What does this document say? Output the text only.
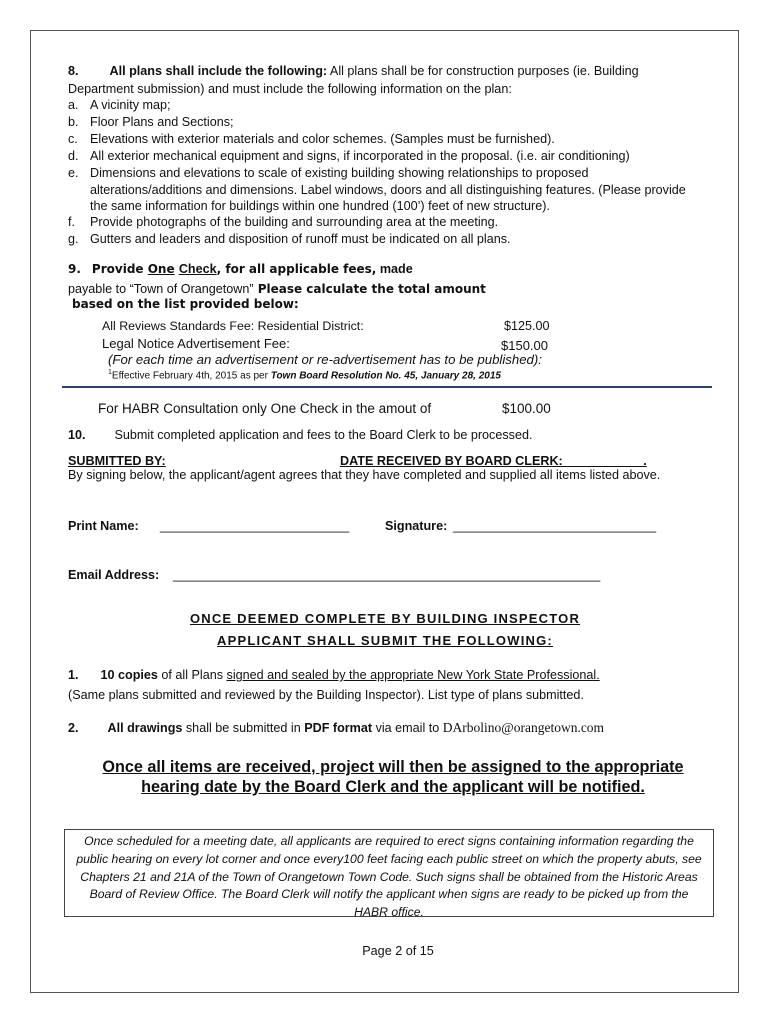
8. All plans shall include the following: All plans shall be for construction purposes (ie. Building
Department submission) and must include the following information on the plan:
a. A vicinity map;
b. Floor Plans and Sections;
c. Elevations with exterior materials and color schemes. (Samples must be furnished).
d. All exterior mechanical equipment and signs, if incorporated in the proposal. (i.e. air conditioning)
e. Dimensions and elevations to scale of existing building showing relationships to proposed alterations/additions and dimensions. Label windows, doors and all distinguishing features. (Please provide the same information for buildings within one hundred (100’) feet of new structure).
f. Provide photographs of the building and surrounding area at the meeting.
g. Gutters and leaders and disposition of runoff must be indicated on all plans.
9. Provide One Check, for all applicable fees, made
payable to “Town of Orangetown” Please calculate the total amount
based on the list provided below:
All Reviews Standards Fee: Residential District:	$125.00
Legal Notice Advertisement Fee:	$150.00
(For each time an advertisement or re-advertisement has to be published):
$^1$Effective February 4th, 2015 as per Town Board Resolution No. 45, January 28, 2015
For HABR Consultation only One Check in the amout of	$100.00
10. Submit completed application and fees to the Board Clerk to be processed.
SUBMITTED BY:	DATE RECEIVED BY BOARD CLERK: ___________.
By signing below, the applicant/agent agrees that they have completed and supplied all items listed above.
Print Name: ___________________________	Signature: _____________________________
Email Address: _____________________________________________________________
ONCE DEEMED COMPLETE BY BUILDING INSPECTOR
APPLICANT SHALL SUBMIT THE FOLLOWING:
1. 10 copies of all Plans signed and sealed by the appropriate New York State Professional.
(Same plans submitted and reviewed by the Building Inspector). List type of plans submitted.
2. All drawings shall be submitted in PDF format via email to DArbolino@orangetown.com
Once all items are received, project will then be assigned to the appropriate
hearing date by the Board Clerk and the applicant will be notified.

Once scheduled for a meeting date, all applicants are required to erect signs containing information regarding the public hearing on every lot corner and once every100 feet facing each public street on which the property abuts, see Chapters 21 and 21A of the Town of Orangetown Town Code. Such signs shall be obtained from the Historic Areas Board of Review Office. The Board Clerk will notify the applicant when signs are ready to be picked up from the HABR office.

Page 2 of 15
